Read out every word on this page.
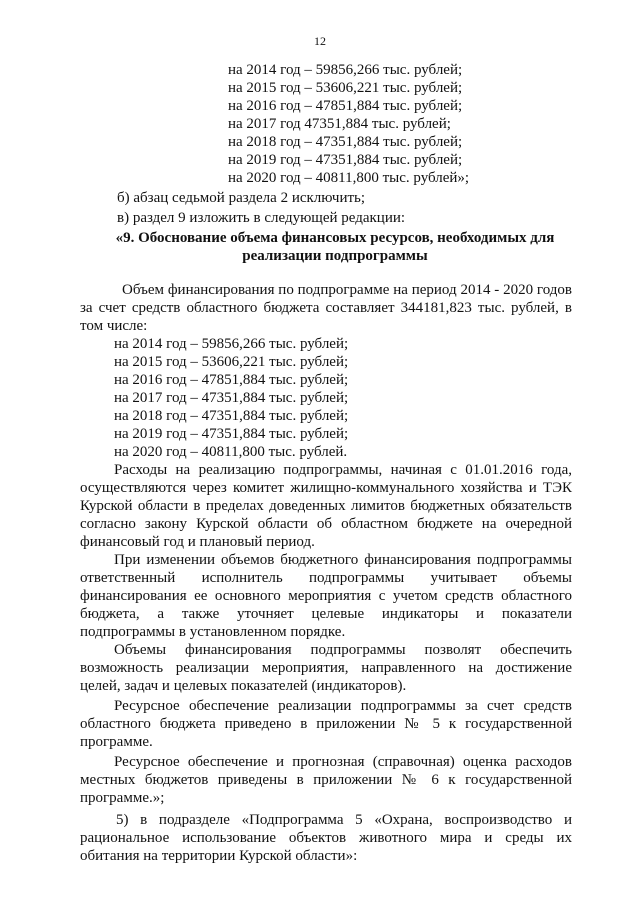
12
на 2014 год – 59856,266 тыс. рублей;
на 2015 год – 53606,221 тыс. рублей;
на 2016 год – 47851,884 тыс. рублей;
на 2017 год 47351,884 тыс. рублей;
на 2018 год – 47351,884 тыс. рублей;
на 2019 год – 47351,884 тыс. рублей;
на 2020 год – 40811,800 тыс. рублей»;
б) абзац седьмой раздела 2 исключить;
в) раздел 9 изложить в следующей редакции:
«9. Обоснование объема финансовых ресурсов, необходимых для
реализации подпрограммы
Объем финансирования по подпрограмме на период 2014 - 2020 годов
за счет средств областного бюджета составляет 344181,823 тыс. рублей, в
том числе:
на 2014 год – 59856,266 тыс. рублей;
на 2015 год – 53606,221 тыс. рублей;
на 2016 год – 47851,884 тыс. рублей;
на 2017 год – 47351,884 тыс. рублей;
на 2018 год – 47351,884 тыс. рублей;
на 2019 год – 47351,884 тыс. рублей;
на 2020 год – 40811,800 тыс. рублей.
Расходы на реализацию подпрограммы, начиная с 01.01.2016 года,
осуществляются через комитет жилищно-коммунального хозяйства и ТЭК
Курской области в пределах доведенных лимитов бюджетных обязательств
согласно закону Курской области об областном бюджете на очередной
финансовый год и плановый период.
При изменении объемов бюджетного финансирования подпрограммы
ответственный исполнитель подпрограммы учитывает объемы
финансирования ее основного мероприятия с учетом средств областного
бюджета, а также уточняет целевые индикаторы и показатели
подпрограммы в установленном порядке.
Объемы финансирования подпрограммы позволят обеспечить
возможность реализации мероприятия, направленного на достижение
целей, задач и целевых показателей (индикаторов).
Ресурсное обеспечение реализации подпрограммы за счет средств
областного бюджета приведено в приложении № 5 к государственной
программе.
Ресурсное обеспечение и прогнозная (справочная) оценка расходов
местных бюджетов приведены в приложении № 6 к государственной
программе.»;
5) в подразделе «Подпрограмма 5 «Охрана, воспроизводство и
рациональное использование объектов животного мира и среды их
обитания на территории Курской области»:
